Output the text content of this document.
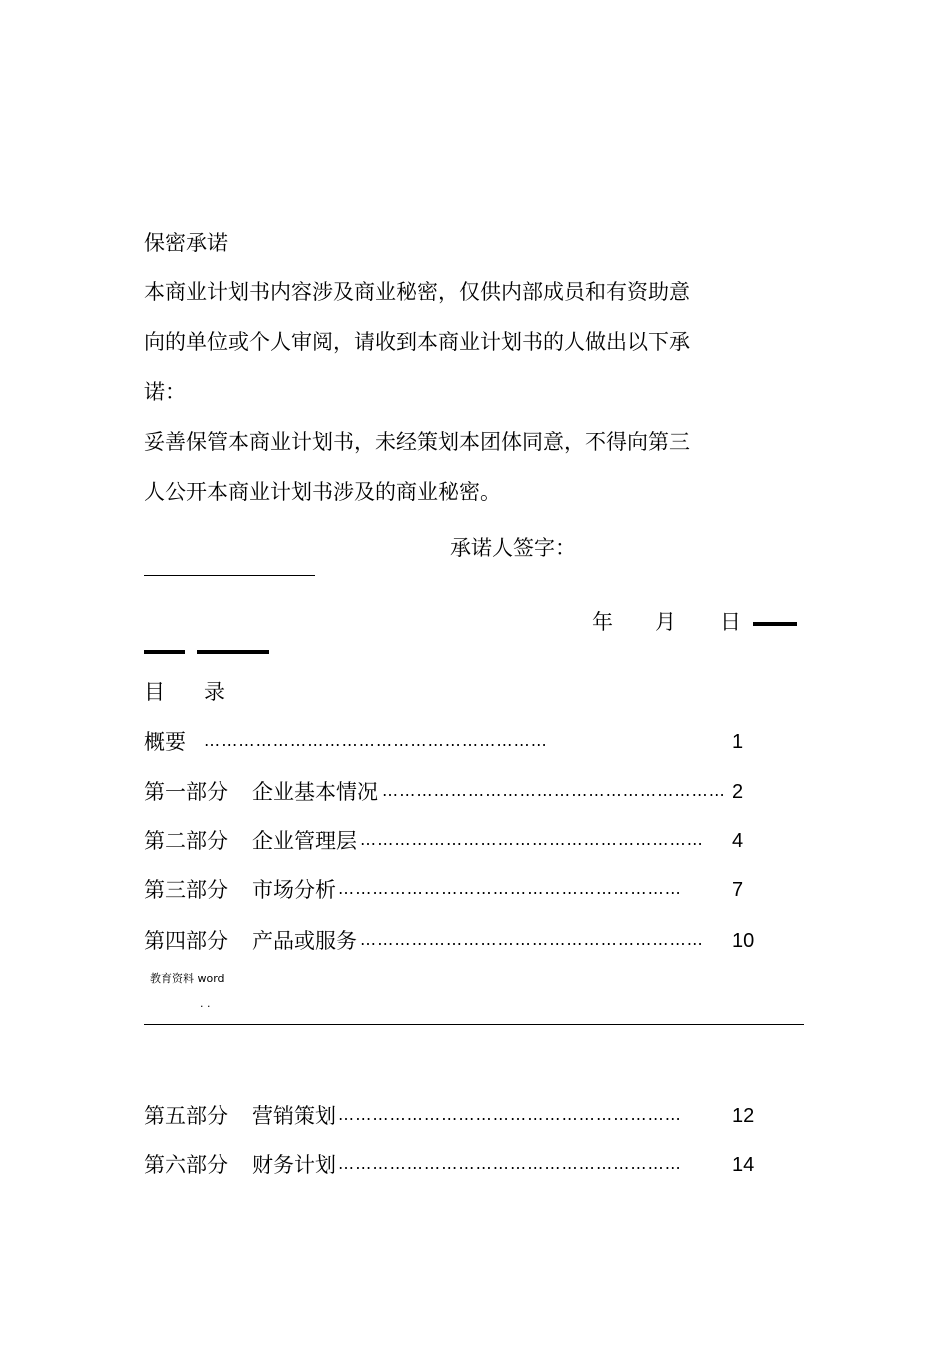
保密承诺
本商业计划书内容涉及商业秘密，仅供内部成员和有资助意
向的单位或个人审阅，请收到本商业计划书的人做出以下承
诺：
妥善保管本商业计划书，未经策划本团体同意，不得向第三
人公开本商业计划书涉及的商业秘密。
承诺人签字：
年 月 日
目 录
概要 ……………………………………………………	1
第一部分 企业基本情况 …………………………………………………… 2
第二部分 企业管理层 …………………………………………………… 4
第三部分 市场分析 ……………………………………………………	7
第四部分 产品或服务 …………………………………………………… 10
教育资料 word
. .
第五部分 营销策划 ……………………………………………………	12
第六部分 财务计划 ……………………………………………………	14
